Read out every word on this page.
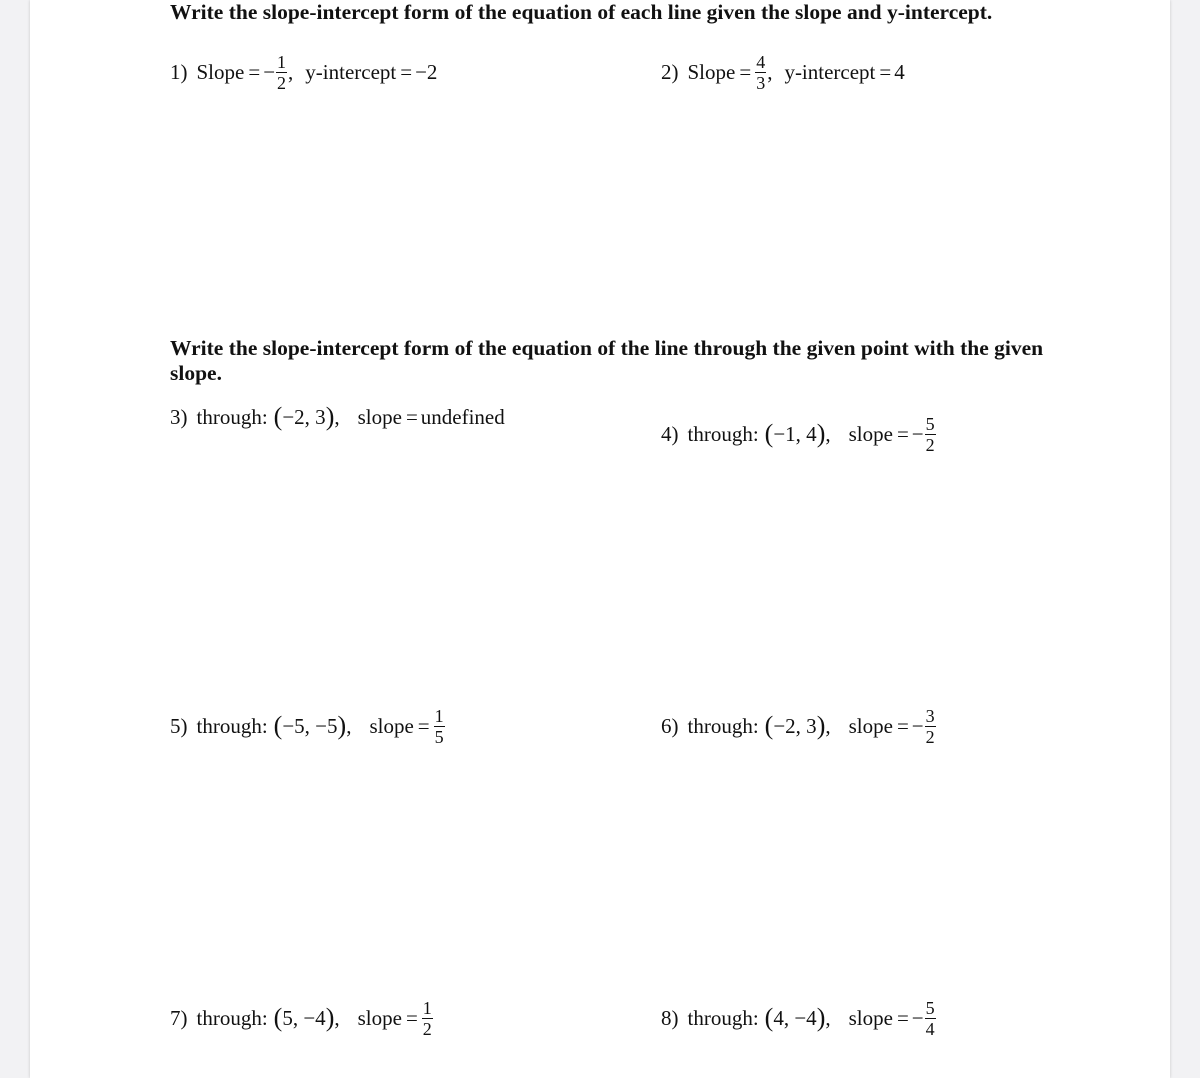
Write the slope-intercept form of the equation of each line given the slope and y-intercept.
1) Slope = − $\frac{1}{2}$ , y-intercept = −2	2) Slope = $\frac{4}{3}$ , y-intercept = 4
Write the slope-intercept form of the equation of the line through the given point with the given
slope.
3) through: ( −2, 3 ) , slope = undefined
4) through: ( −1, 4 ) , slope = − $\frac{5}{2}$
5) through: ( −5, −5 ) , slope = $\frac{1}{5}$	6) through: ( −2, 3 ) , slope = − $\frac{3}{2}$
7) through: ( 5, −4 ) , slope = $\frac{1}{2}$	8) through: ( 4, −4 ) , slope = − $\frac{5}{4}$
